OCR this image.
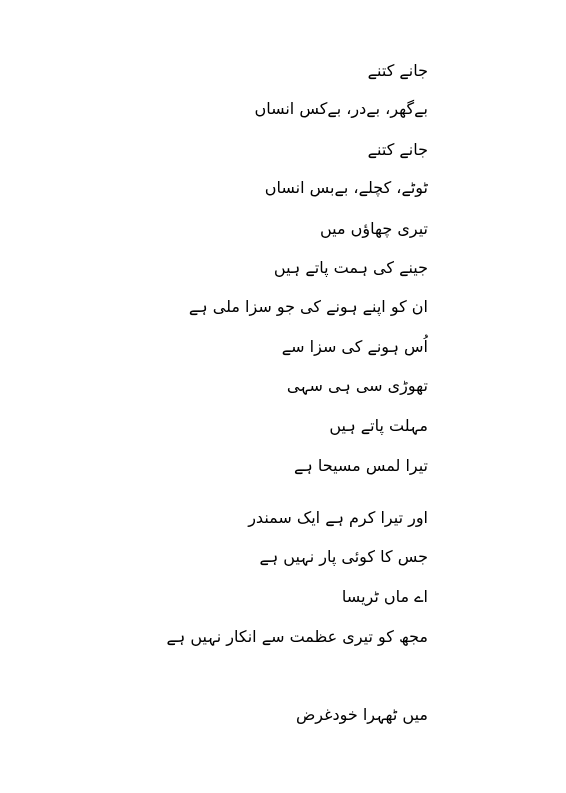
جانے کتنے
بےگھر، بےدر، بےکس انساں
جانے کتنے
ٹوٹے، کچلے، بےبس انساں
تیری چھاؤں میں
جینے کی ہمت پاتے ہیں
ان کو اپنے ہونے کی جو سزا ملی ہے
اُس ہونے کی سزا سے
تھوڑی سی ہی سہی
مہلت پاتے ہیں
تیرا لمس مسیحا ہے
اور تیرا کرم ہے ایک سمندر
جس کا کوئی پار نہیں ہے
اے ماں ٹریسا
مجھ کو تیری عظمت سے انکار نہیں ہے
میں ٹھہرا خودغرض
